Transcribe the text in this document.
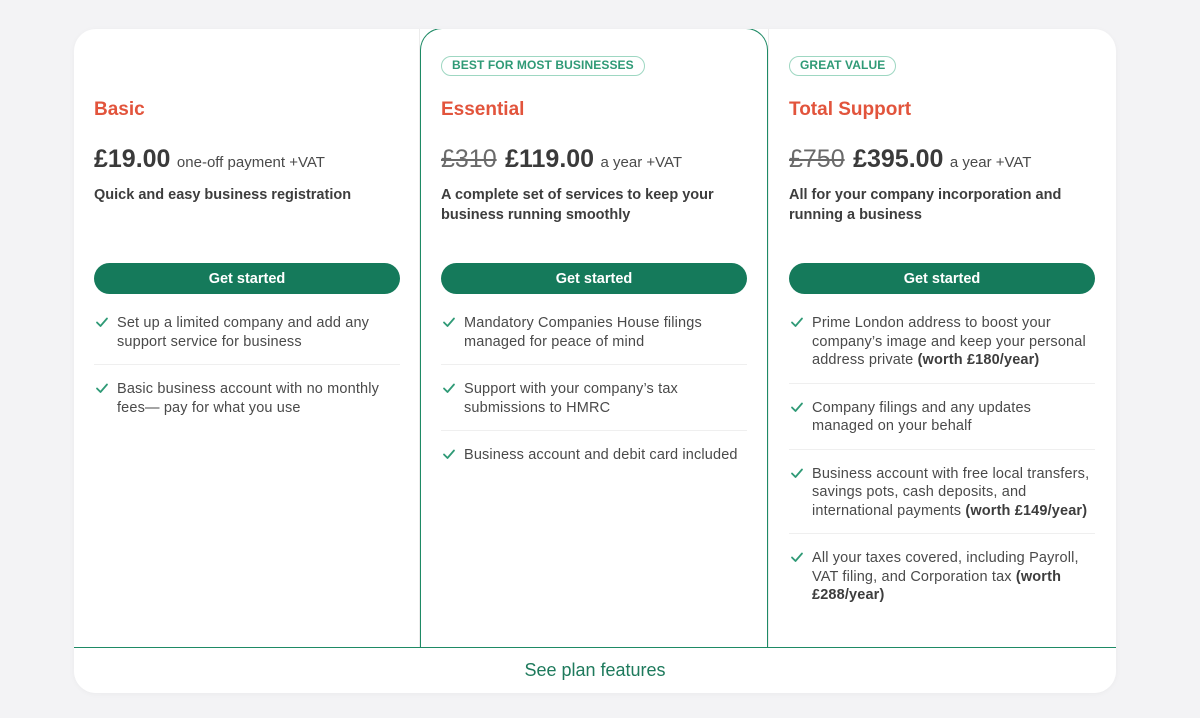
Basic
£19.00 one-off payment +VAT
Quick and easy business registration
Get started
Set up a limited company and add any support service for business
Basic business account with no monthly fees— pay for what you use
BEST FOR MOST BUSINESSES
Essential
£310 £119.00 a year +VAT
A complete set of services to keep your business running smoothly
Get started
Mandatory Companies House filings managed for peace of mind
Support with your company’s tax submissions to HMRC
Business account and debit card included
GREAT VALUE
Total Support
£750 £395.00 a year +VAT
All for your company incorporation and running a business
Get started
Prime London address to boost your company’s image and keep your personal address private (worth £180/year)
Company filings and any updates managed on your behalf
Business account with free local transfers, savings pots, cash deposits, and international payments (worth £149/year)
All your taxes covered, including Payroll, VAT filing, and Corporation tax (worth £288/year)
See plan features
